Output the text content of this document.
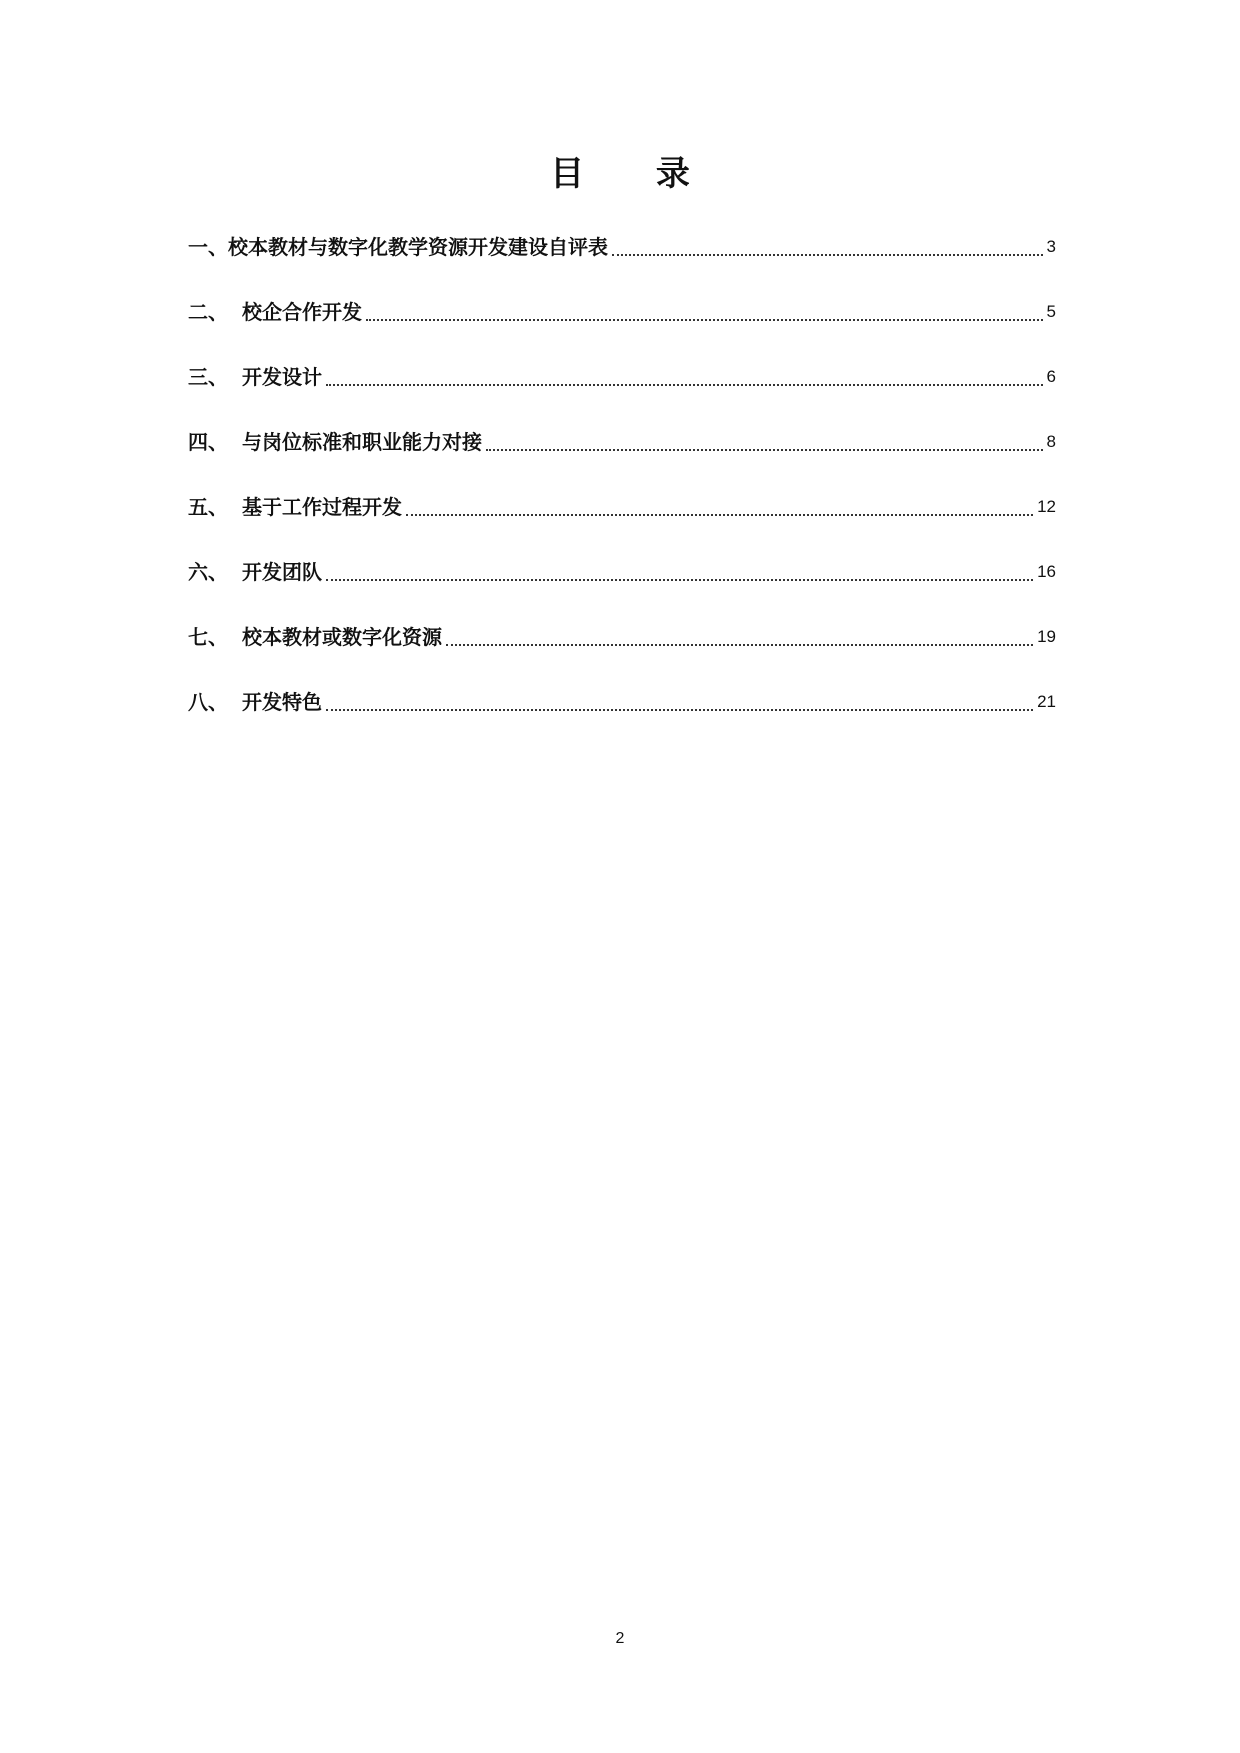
目 录
一、 校本教材与数字化教学资源开发建设自评表	3
二、 校企合作开发	5
三、 开发设计	6
四、 与岗位标准和职业能力对接	8
五、 基于工作过程开发	12
六、 开发团队	16
七、 校本教材或数字化资源	19
八、 开发特色	21
2
